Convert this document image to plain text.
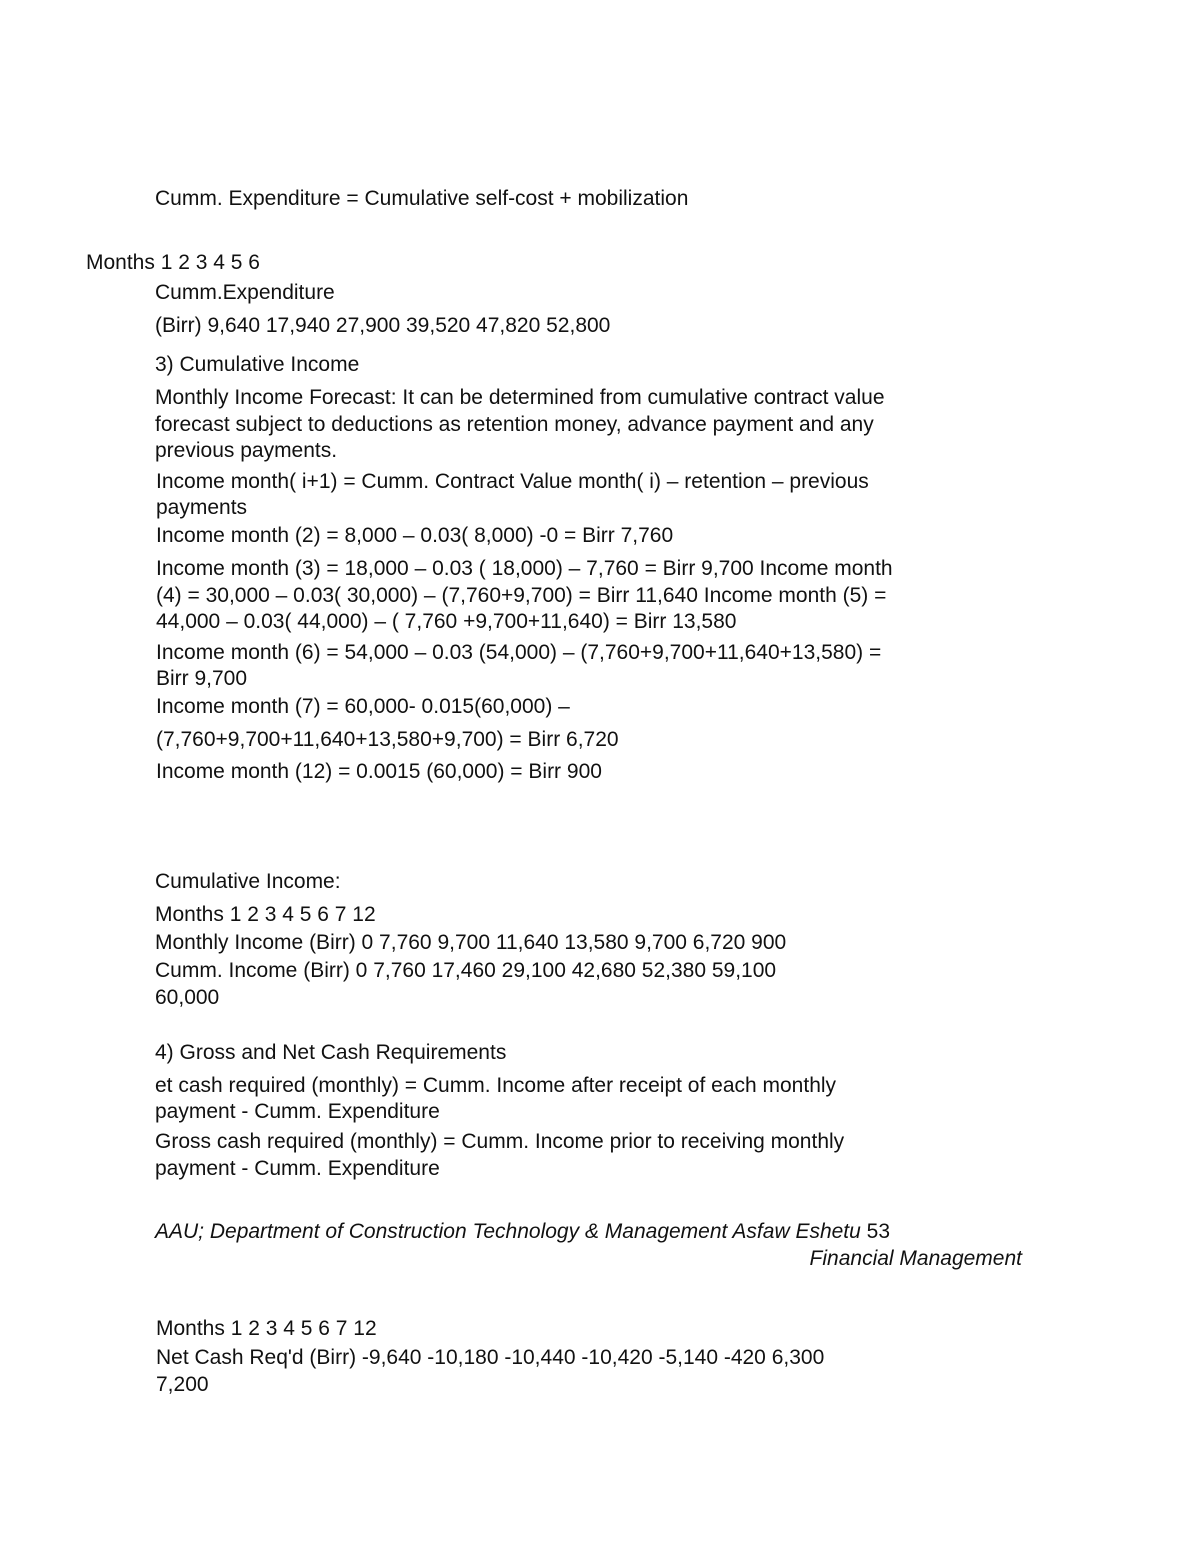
Cumm. Expenditure = Cumulative self-cost + mobilization
Months 1 2 3 4 5 6
Cumm.Expenditure
(Birr) 9,640 17,940 27,900 39,520 47,820 52,800
3) Cumulative Income
Monthly Income Forecast: It can be determined from cumulative contract value
forecast subject to deductions as retention money, advance payment and any
previous payments.
Income month( i+1) = Cumm. Contract Value month( i) – retention – previous
payments
Income month (2) = 8,000 – 0.03( 8,000) -0 = Birr 7,760
Income month (3) = 18,000 – 0.03 ( 18,000) – 7,760 = Birr 9,700 Income month
(4) = 30,000 – 0.03( 30,000) – (7,760+9,700) = Birr 11,640 Income month (5) =
44,000 – 0.03( 44,000) – ( 7,760 +9,700+11,640) = Birr 13,580
Income month (6) = 54,000 – 0.03 (54,000) – (7,760+9,700+11,640+13,580) =
Birr 9,700
Income month (7) = 60,000- 0.015(60,000) –
(7,760+9,700+11,640+13,580+9,700) = Birr 6,720
Income month (12) = 0.0015 (60,000) = Birr 900
Cumulative Income:
Months 1 2 3 4 5 6 7 12
Monthly Income (Birr) 0 7,760 9,700 11,640 13,580 9,700 6,720 900
Cumm. Income (Birr) 0 7,760 17,460 29,100 42,680 52,380 59,100
60,000
4) Gross and Net Cash Requirements
et cash required (monthly) = Cumm. Income after receipt of each monthly
payment - Cumm. Expenditure
Gross cash required (monthly) = Cumm. Income prior to receiving monthly
payment - Cumm. Expenditure
AAU; Department of Construction Technology & Management Asfaw Eshetu 53
Financial Management
Months 1 2 3 4 5 6 7 12
Net Cash Req'd (Birr) -9,640 -10,180 -10,440 -10,420 -5,140 -420 6,300
7,200
